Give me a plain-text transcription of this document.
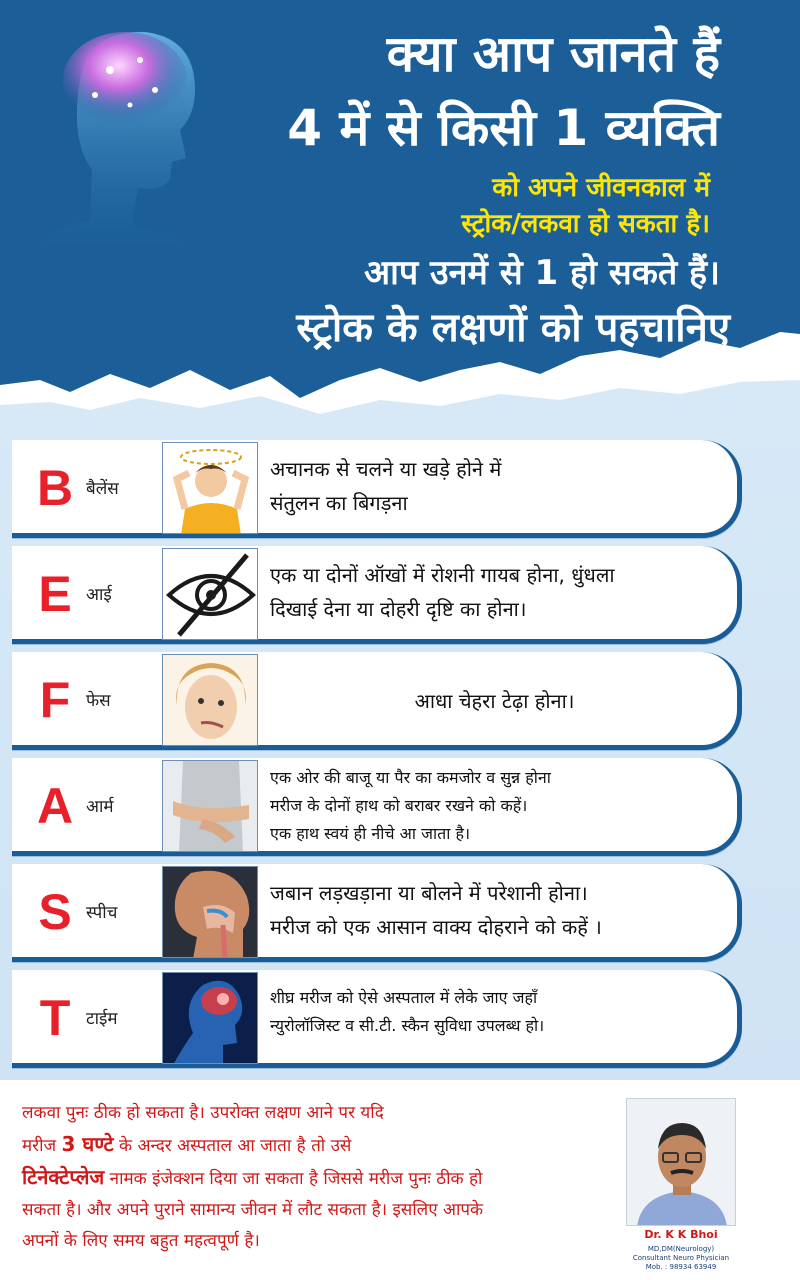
क्या आप जानते हैं
4 में से किसी 1 व्यक्ति
को अपने जीवनकाल में
स्ट्रोक/लकवा हो सकता है।
आप उनमें से 1 हो सकते हैं।
स्ट्रोक के लक्षणों को पहचानिए
B बैलेंस
अचानक से चलने या खड़े होने में
संतुलन का बिगड़ना
E आई
एक या दोनों ऑखों में रोशनी गायब होना, धुंधला
दिखाई देना या दोहरी दृष्टि का होना।
F फेस	आधा चेहरा टेढ़ा होना।
A आर्म
एक ओर की बाजू या पैर का कमजोर व सुन्न होना
मरीज के दोनों हाथ को बराबर रखने को कहें।
एक हाथ स्वयं ही नीचे आ जाता है।
S स्पीच
जबान लड़खड़ाना या बोलने में परेशानी होना।
मरीज को एक आसान वाक्य दोहराने को कहें ।
T टाईम
शीघ्र मरीज को ऐसे अस्पताल में लेके जाए जहाँ
न्युरोलॉजिस्ट व सी.टी. स्कैन सुविधा उपलब्ध हो।
लकवा पुनः ठीक हो सकता है। उपरोक्त लक्षण आने पर यदि
मरीज 3 घण्टे के अन्दर अस्पताल आ जाता है तो उसे
टिनेक्टेप्लेज नामक इंजेक्शन दिया जा सकता है जिससे मरीज पुनः ठीक हो
सकता है। और अपने पुराने सामान्य जीवन में लौट सकता है। इसलिए आपके
अपनों के लिए समय बहुत महत्वपूर्ण है।	Dr. K K Bhoi
MD,DM(Neurology)
Consultant Neuro Physician
Mob. : 98934 63949
